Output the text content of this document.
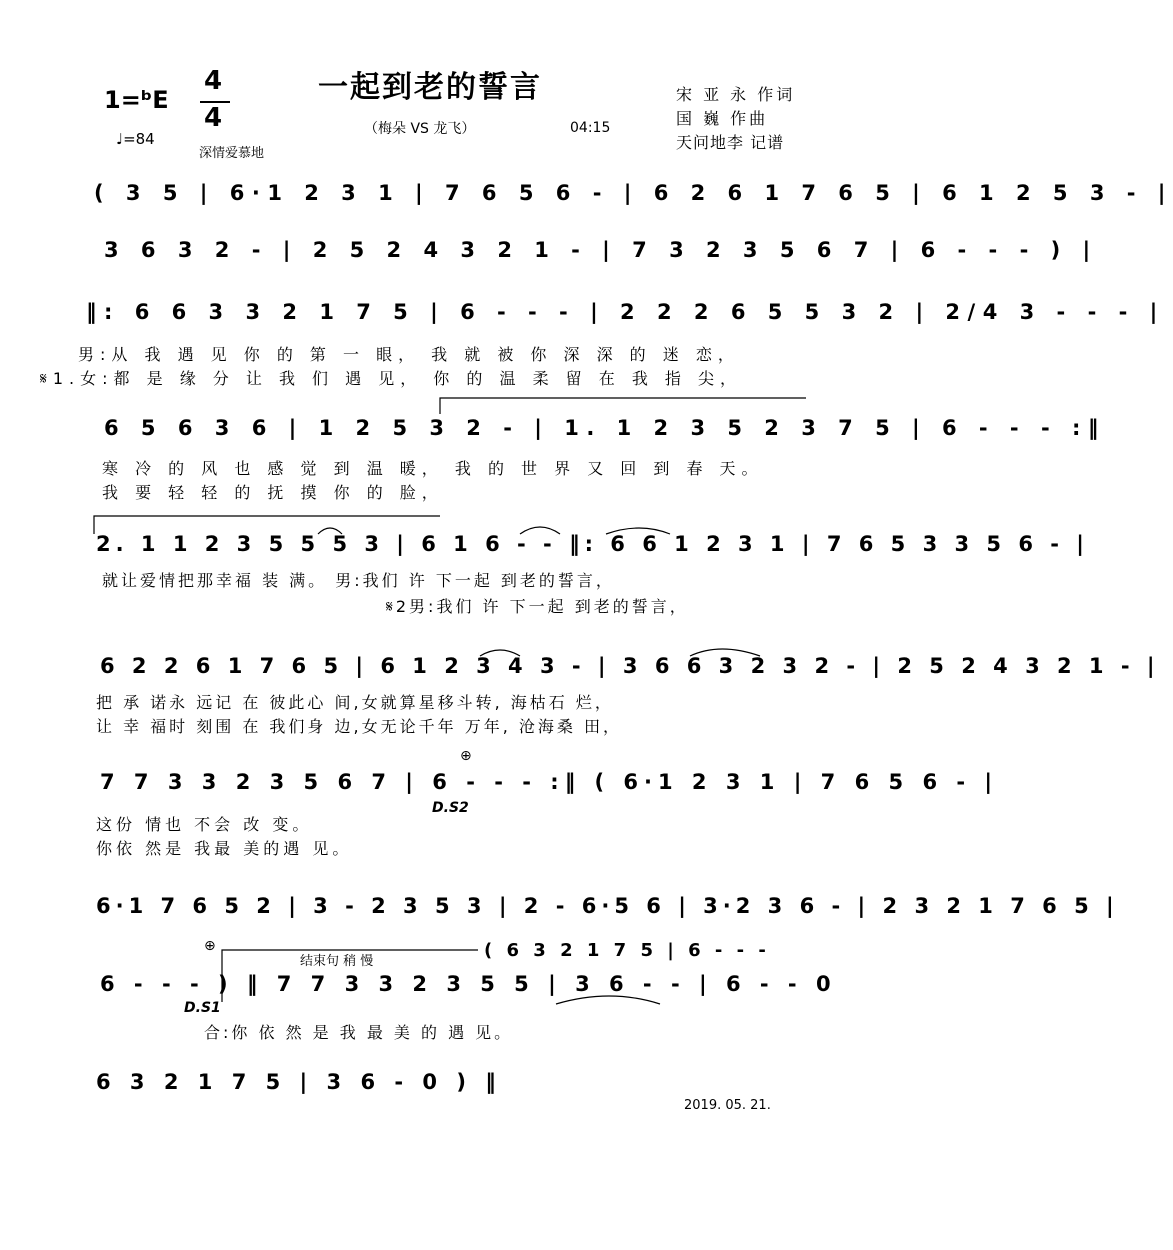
1=ᵇE
4
4
♩=84
深情爱慕地
一起到老的誓言
（梅朵 VS 龙飞）	04:15
宋 亚 永 作词
国 巍 作曲
天问地李 记谱
( 3 5 | 6·1 2 3 1 | 7 6 5 6 - | 6 2 6 1 7 6 5 | 6 1 2 5 3 - |
3 6 3 2 - | 2 5 2 4 3 2 1 - | 7 3 2 3 5 6 7 | 6 - - - ) |
‖: 6 6 3 3 2 1 7 5 | 6 - - - | 2 2 2 6 5 5 3 2 | 2/4 3 - - - |
男:从 我 遇 见 你 的 第 一 眼， 我 就 被 你 深 深 的 迷 恋，
𝄋1.女:都 是 缘 分 让 我 们 遇 见， 你 的 温 柔 留 在 我 指 尖，
6 5 6 3 6 | 1 2 5 3 2 - | 1. 1 2 3 5 2 3 7 5 | 6 - - - :‖
寒 冷 的 风 也 感 觉 到 温 暖， 我 的 世 界 又 回 到 春 天。
我 要 轻 轻 的 抚 摸 你 的 脸，
2. 1 1 2 3 5 5 5 3 | 6 1 6 - - ‖: 6 6 1 2 3 1 | 7 6 5 3 3 5 6 - |
就让爱情把那幸福 装 满。 男:我们 许 下一起 到老的誓言，
𝄋2男:我们 许 下一起 到老的誓言，
6 2 2 6 1 7 6 5 | 6 1 2 3 4 3 - | 3 6 6 3 2 3 2 - | 2 5 2 4 3 2 1 - |
把 承 诺永 远记 在 彼此心 间,女就算星移斗转, 海枯石 烂，
让 幸 福时 刻围 在 我们身 边,女无论千年 万年, 沧海桑 田，
7 7 3 3 2 3 5 6 7 | 6 - - - :‖ ( 6·1 2 3 1 | 7 6 5 6 - |
D.S2
这份 情也 不会 改 变。
你依 然是 我最 美的遇 见。
6·1 7 6 5 2 | 3 - 2 3 5 3 | 2 - 6·5 6 | 3·2 3 6 - | 2 3 2 1 7 6 5 |
结束句 稍 慢
( 6 3 2 1 7 5 | 6 - - -
6 - - - ) ‖ 7 7 3 3 2 3 5 5 | 3 6 - - | 6 - - 0
D.S1
合:你 依 然 是 我 最 美 的 遇 见。
6 3 2 1 7 5 | 3 6 - 0 ) ‖
2019. 05. 21.
⊕
⊕
